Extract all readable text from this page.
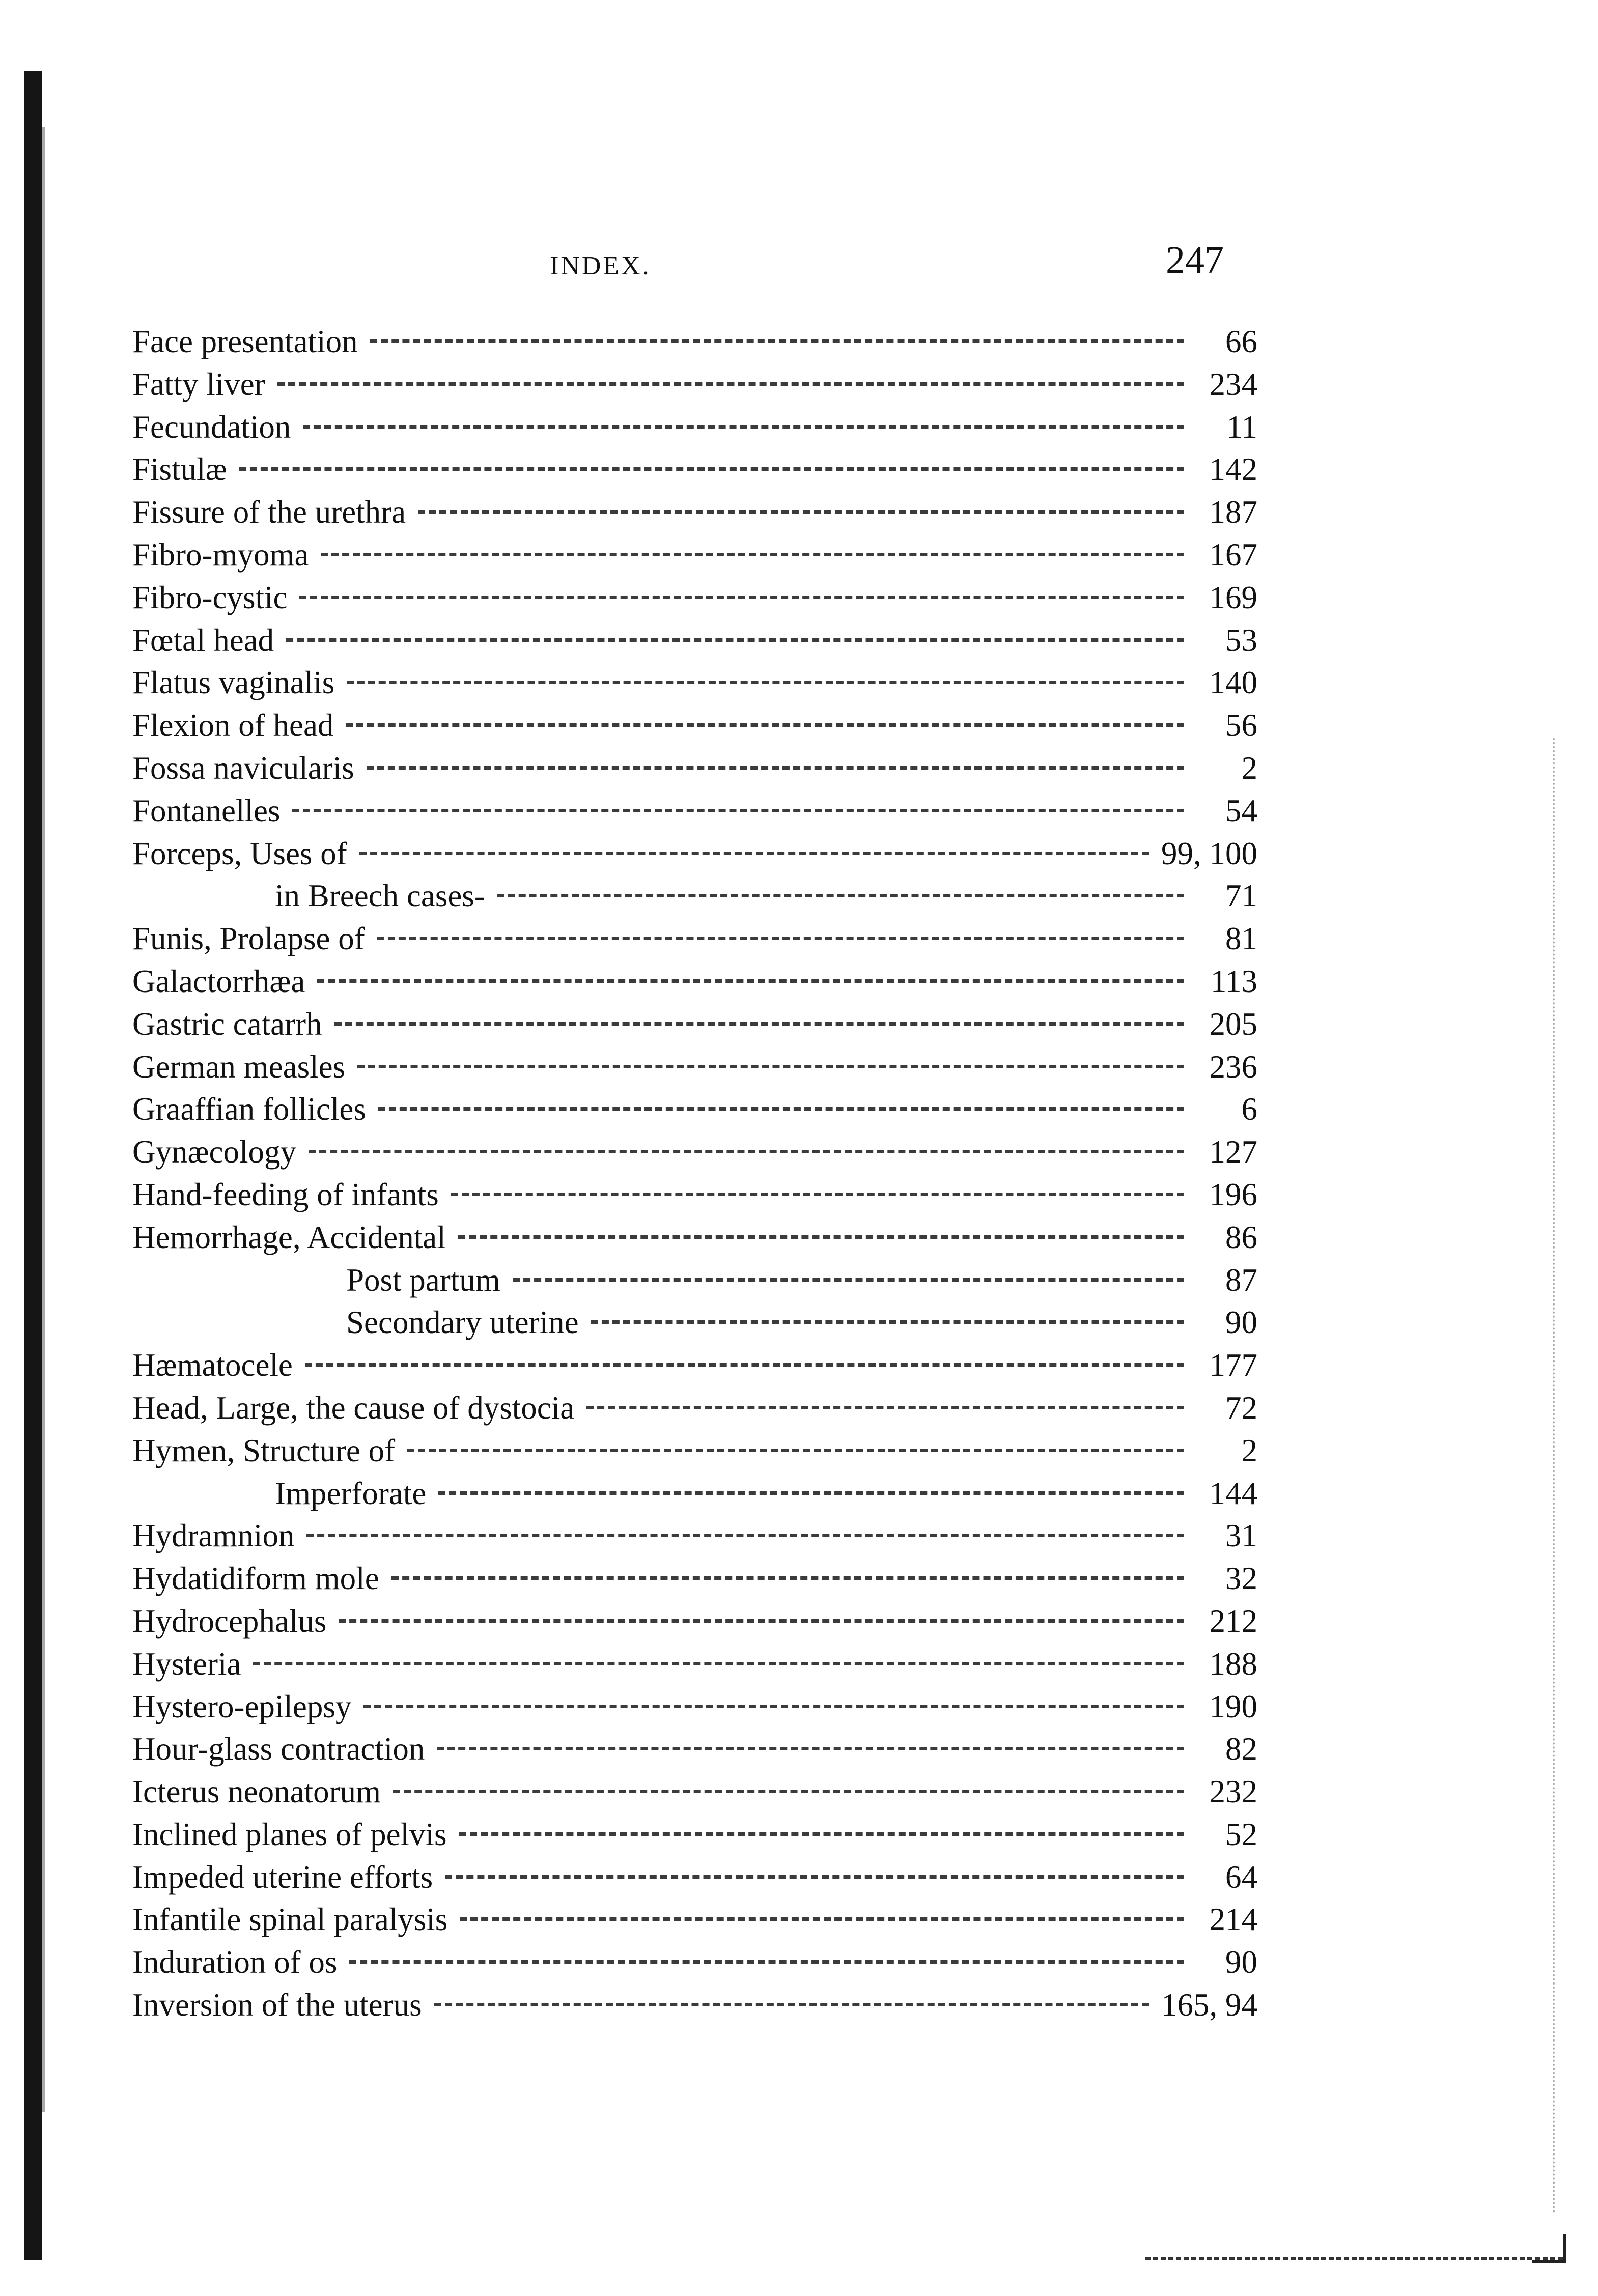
INDEX.	247
Face presentation	66
Fatty liver	234
Fecundation	11
Fistulæ	142
Fissure of the urethra	187
Fibro-myoma	167
Fibro-cystic	169
Fœtal head	53
Flatus vaginalis	140
Flexion of head	56
Fossa navicularis	2
Fontanelles	54
Forceps, Uses of	99, 100
in Breech cases-	71
Funis, Prolapse of	81
Galactorrhæa	113
Gastric catarrh	205
German measles	236
Graaffian follicles	6
Gynæcology	127
Hand-feeding of infants	196
Hemorrhage, Accidental	86
Post partum	87
Secondary uterine	90
Hæmatocele	177
Head, Large, the cause of dystocia	72
Hymen, Structure of	2
Imperforate	144
Hydramnion	31
Hydatidiform mole	32
Hydrocephalus	212
Hysteria	188
Hystero-epilepsy	190
Hour-glass contraction	82
Icterus neonatorum	232
Inclined planes of pelvis	52
Impeded uterine efforts	64
Infantile spinal paralysis	214
Induration of os	90
Inversion of the uterus	165, 94
